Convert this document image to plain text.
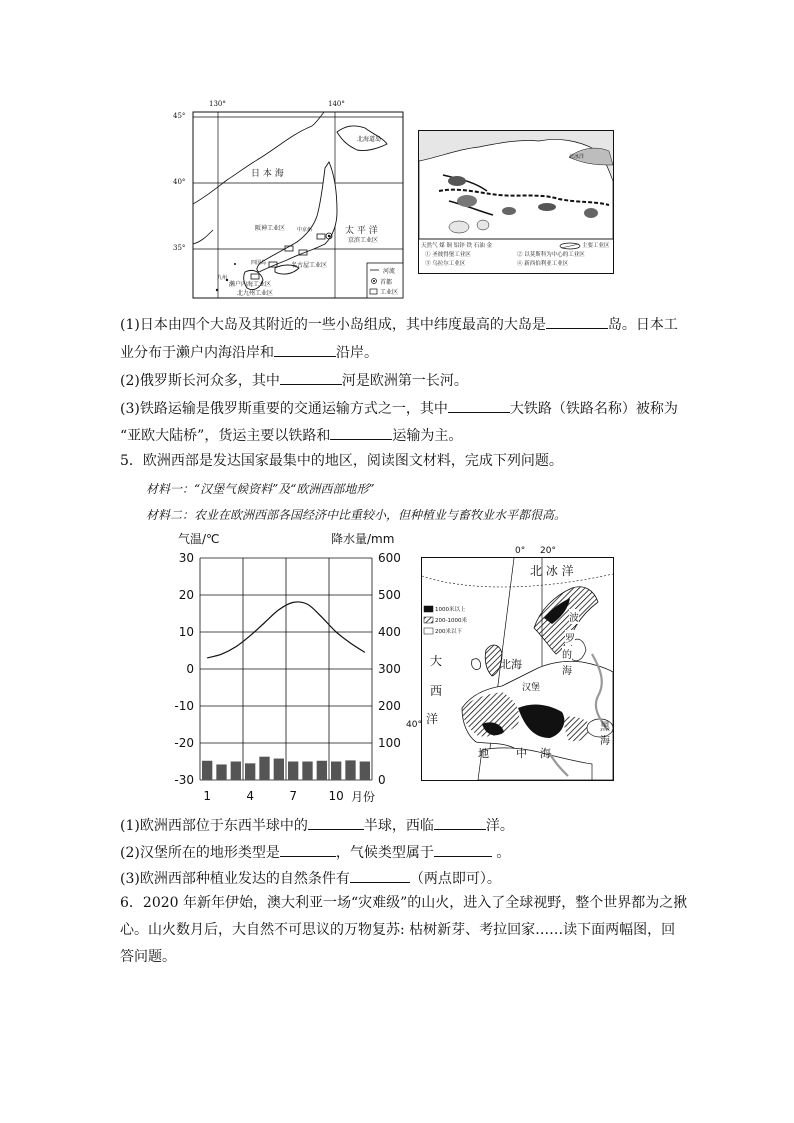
130°	140°
45°
40°
35°
日 本 海
太 平 洋
北海道岛
阪神工业区 中京州
京滨工业区
名古屋工业区
四国岛
濑户内海工业区
北九州工业区
九州
河流
首都
工业区
北冰洋
天然气 煤 铜 铝锌 铁 石油 金	主要工业区
① 圣彼得堡工业区	② 以莫斯科为中心的工业区
③ 乌拉尔工业区	④ 新西伯利亚工业区
(1)日本由四个大岛及其附近的一些小岛组成，其中纬度最高的大岛是	岛。日本工
业分布于濑户内海沿岸和	沿岸。
(2)俄罗斯长河众多，其中	河是欧洲第一长河。
(3)铁路运输是俄罗斯重要的交通运输方式之一，其中	大铁路（铁路名称）被称为
“亚欧大陆桥”，货运主要以铁路和	运输为主。
5．欧洲西部是发达国家最集中的地区，阅读图文材料，完成下列问题。
材料一：“汉堡气候资料”及“欧洲西部地形”
材料二：农业在欧洲西部各国经济中比重较小，但种植业与畜牧业水平都很高。
30	600
20	500
10	400
0	300
-10	200
-20	100
-30	0
1	4	7	10
气温/℃	降水量/mm
月份
0° 20°
北 冰 洋
1000米以上
200-1000米
200米以下
大
西
洋
北海
汉堡
波
罗
的
海
40°
地 中 海
黑
海
(1)欧洲西部位于东西半球中的	半球，西临	洋。
(2)汉堡所在的地形类型是	，气候类型属于	。
(3)欧洲西部种植业发达的自然条件有	（两点即可）。
6．2020 年新年伊始，澳大利亚一场“灾难级”的山火，进入了全球视野，整个世界都为之揪
心。山火数月后，大自然不可思议的万物复苏: 枯树新芽、考拉回家……读下面两幅图，回
答问题。
